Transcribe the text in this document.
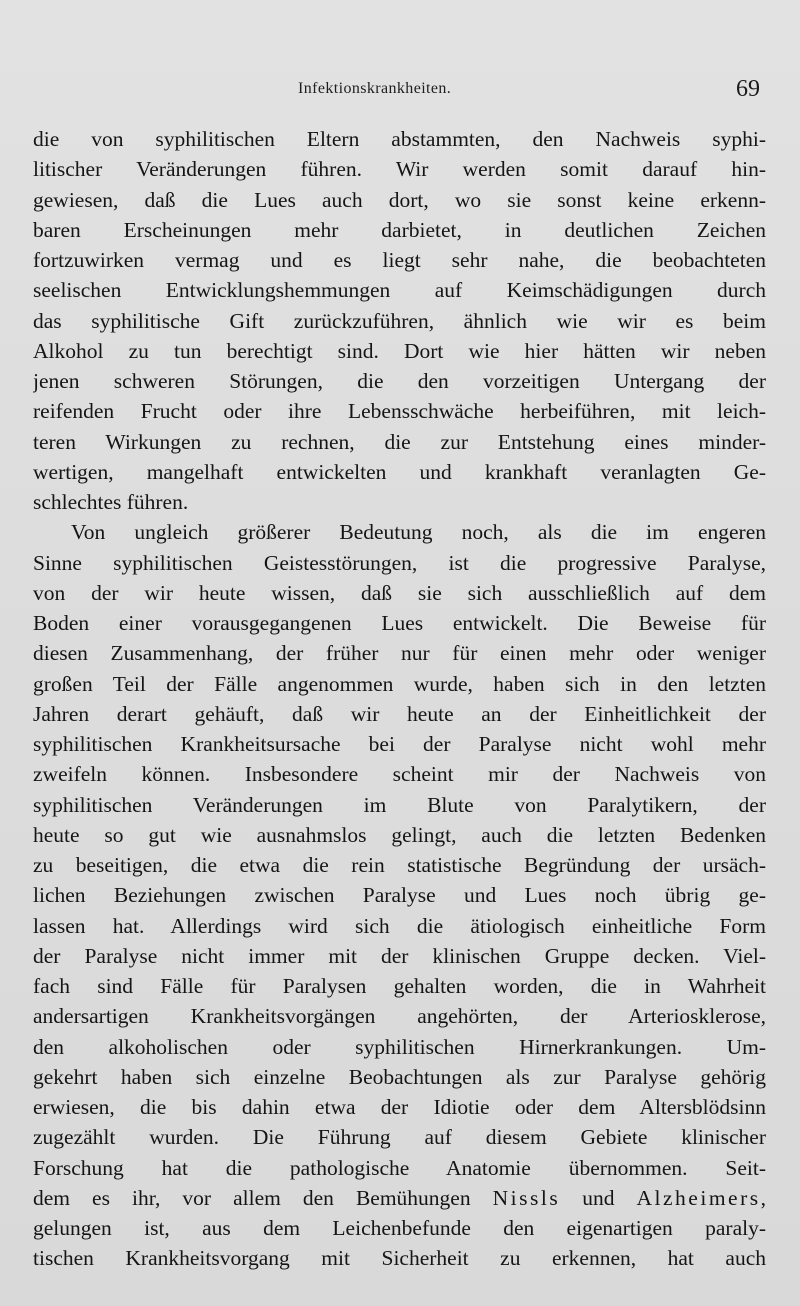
Infektionskrankheiten.	69
die von syphilitischen Eltern abstammten, den Nachweis syphi-
litischer Veränderungen führen. Wir werden somit darauf hin-
gewiesen, daß die Lues auch dort, wo sie sonst keine erkenn-
baren Erscheinungen mehr darbietet, in deutlichen Zeichen
fortzuwirken vermag und es liegt sehr nahe, die beobachteten
seelischen Entwicklungshemmungen auf Keimschädigungen durch
das syphilitische Gift zurückzuführen, ähnlich wie wir es beim
Alkohol zu tun berechtigt sind. Dort wie hier hätten wir neben
jenen schweren Störungen, die den vorzeitigen Untergang der
reifenden Frucht oder ihre Lebensschwäche herbeiführen, mit leich-
teren Wirkungen zu rechnen, die zur Entstehung eines minder-
wertigen, mangelhaft entwickelten und krankhaft veranlagten Ge-
schlechtes führen.
Von ungleich größerer Bedeutung noch, als die im engeren
Sinne syphilitischen Geistesstörungen, ist die progressive Paralyse,
von der wir heute wissen, daß sie sich ausschließlich auf dem
Boden einer vorausgegangenen Lues entwickelt. Die Beweise für
diesen Zusammenhang, der früher nur für einen mehr oder weniger
großen Teil der Fälle angenommen wurde, haben sich in den letzten
Jahren derart gehäuft, daß wir heute an der Einheitlichkeit der
syphilitischen Krankheitsursache bei der Paralyse nicht wohl mehr
zweifeln können. Insbesondere scheint mir der Nachweis von
syphilitischen Veränderungen im Blute von Paralytikern, der
heute so gut wie ausnahmslos gelingt, auch die letzten Bedenken
zu beseitigen, die etwa die rein statistische Begründung der ursäch-
lichen Beziehungen zwischen Paralyse und Lues noch übrig ge-
lassen hat. Allerdings wird sich die ätiologisch einheitliche Form
der Paralyse nicht immer mit der klinischen Gruppe decken. Viel-
fach sind Fälle für Paralysen gehalten worden, die in Wahrheit
andersartigen Krankheitsvorgängen angehörten, der Arteriosklerose,
den alkoholischen oder syphilitischen Hirnerkrankungen. Um-
gekehrt haben sich einzelne Beobachtungen als zur Paralyse gehörig
erwiesen, die bis dahin etwa der Idiotie oder dem Altersblödsinn
zugezählt wurden. Die Führung auf diesem Gebiete klinischer
Forschung hat die pathologische Anatomie übernommen. Seit-
dem es ihr, vor allem den Bemühungen Nissls und Alzheimers,
gelungen ist, aus dem Leichenbefunde den eigenartigen paraly-
tischen Krankheitsvorgang mit Sicherheit zu erkennen, hat auch
